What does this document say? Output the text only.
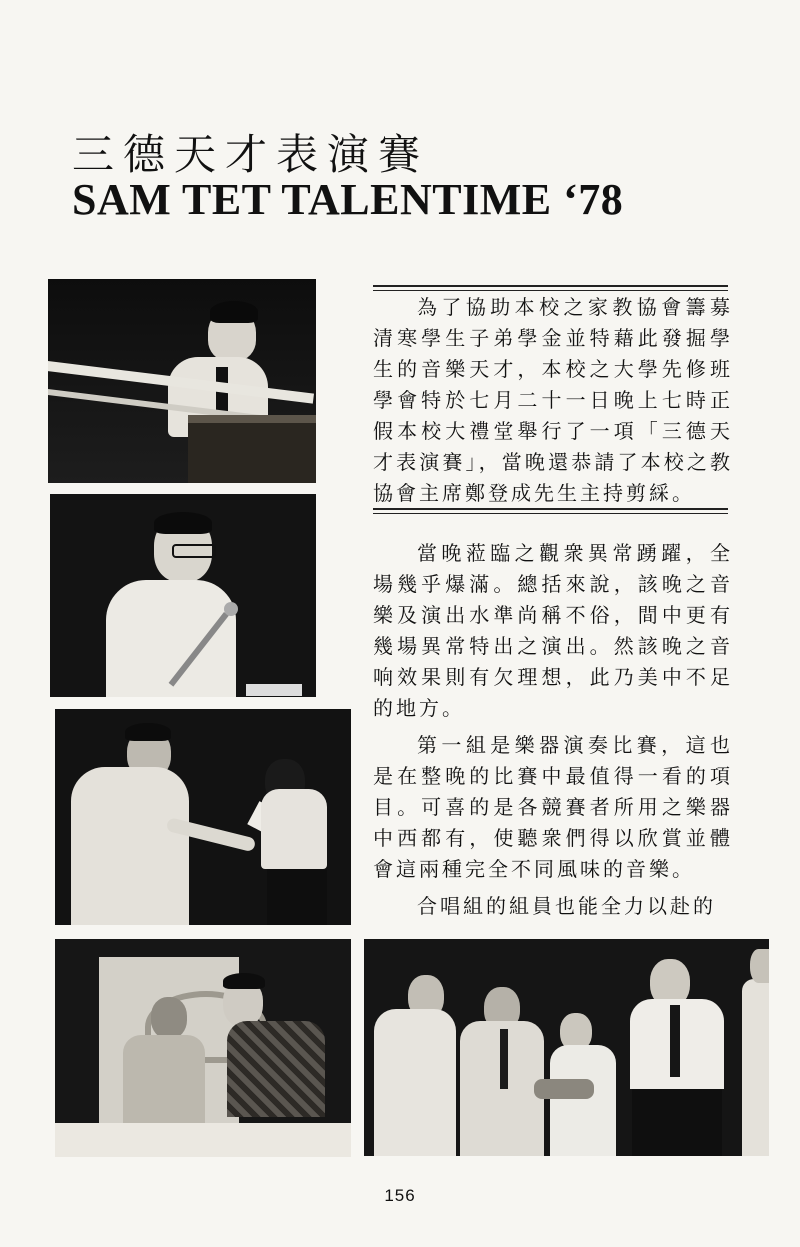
三德天才表演賽
SAM TET TALENTIME ‘78

為了協助本校之家教協會籌募清寒學生子弟學金並特藉此發掘學生的音樂天才，本校之大學先修班學會特於七月二十一日晚上七時正假本校大禮堂舉行了一項「三德天才表演賽」，當晚還恭請了本校之教協會主席鄭登成先生主持剪綵。

當晚蒞臨之觀衆異常踴躍，全場幾乎爆滿。總括來說，該晚之音樂及演出水準尚稱不俗，間中更有幾場異常特出之演出。然該晚之音响效果則有欠理想，此乃美中不足的地方。

第一組是樂器演奏比賽，這也是在整晚的比賽中最值得一看的項目。可喜的是各競賽者所用之樂器中西都有，使聽衆們得以欣賞並體會這兩種完全不同風味的音樂。

合唱組的組員也能全力以赴的

156
